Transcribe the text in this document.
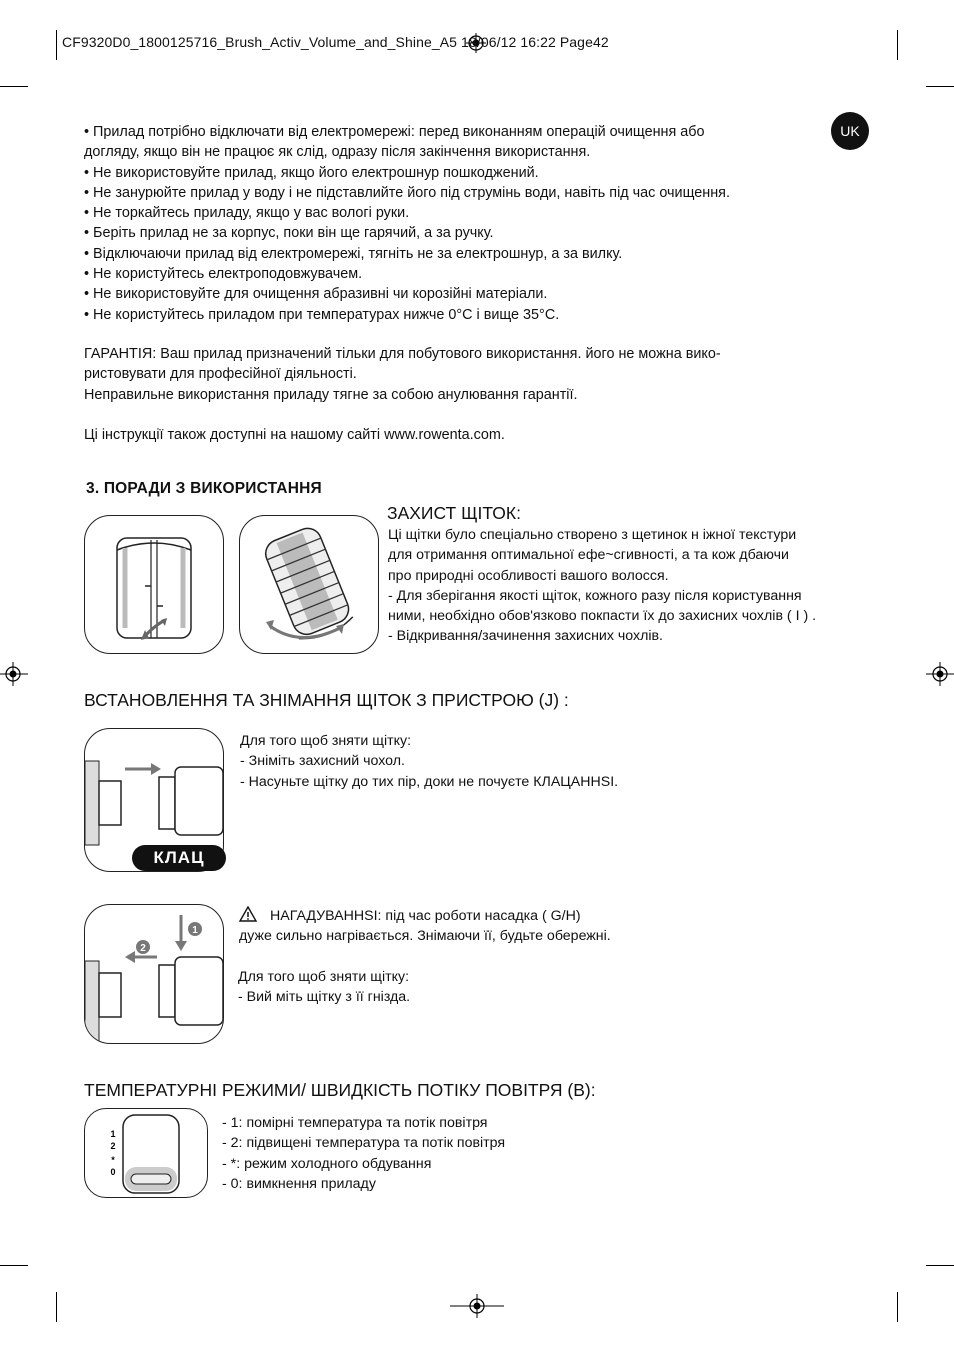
CF9320D0_1800125716_Brush_Activ_Volume_and_Shine_A5 18/06/12 16:22 Page42
UK
• Прилад потрібно відключати від електромережі: перед виконанням операцій очищення або
догляду, якщо він не працює як слід, одразу після закінчення використання.
• Не використовуйте прилад, якщо його електрошнур пошкоджений.
• Не занурюйте прилад у воду і не підставлийте його під струмінь води, навіть під час очищення.
• Не торкайтесь приладу, якщо у вас вологі руки.
• Беріть прилад не за корпус, поки він ще гарячий, а за ручку.
• Відключаючи прилад від електромережі, тягніть не за електрошнур, а за вилку.
• Не користуйтесь електроподовжувачем.
• Не використовуйте для очищення абразивні чи корозійні матеріали.
• Не користуйтесь приладом при температурах нижче 0°C і вище 35°C.
ГАРАНТІЯ: Ваш прилад призначений тільки для побутового використання. його не можна вико-
ристовувати для професійної діяльності.
Неправильне використання приладу тягне за собою анулювання гарантії.
Ці інструкції також доступні на нашому сайті www.rowenta.com.
3. ПОРАДИ З ВИКОРИСТАННЯ
ЗАХИСТ ЩІТОК:
Ці щітки було спеціально створено з щетинок н іжної текстури
для отримання оптимальної ефе~сгивності, а та кож дбаючи
про природні особливості вашого волосся.
- Для зберігання якості щіток, кожного разу після користування
ними, необхідно обов'язково покпасти їх до захисних чохлів ( I ) .
- Відкривання/зачинення захисних чохлів.
ВСТАНОВЛЕННЯ ТА ЗНІМАННЯ ЩІТОК З ПРИСТРОЮ (J) :
КЛАЦ
Для того щоб зняти щітку:
- Зніміть захисний чохол.
- Насуньте щітку до тих пір, доки не почуєте КЛАЦАННSI.
2
1
НАГАДУВАННSI: під час роботи насадка ( G/H)
дуже сильно нагрівається. Знімаючи її, будьте обережні.
Для того щоб зняти щітку:
- Вий міть щітку з її гнізда.
ТЕМПЕРАТУРНІ РЕЖИМИ/ ШВИДКІСТЬ ПОТІКУ ПОВІТРЯ (B):
1
2
*
0
- 1: помірні температура та потік повітря
- 2: підвищені температура та потік повітря
- *: режим холодного обдування
- 0: вимкнення приладу
